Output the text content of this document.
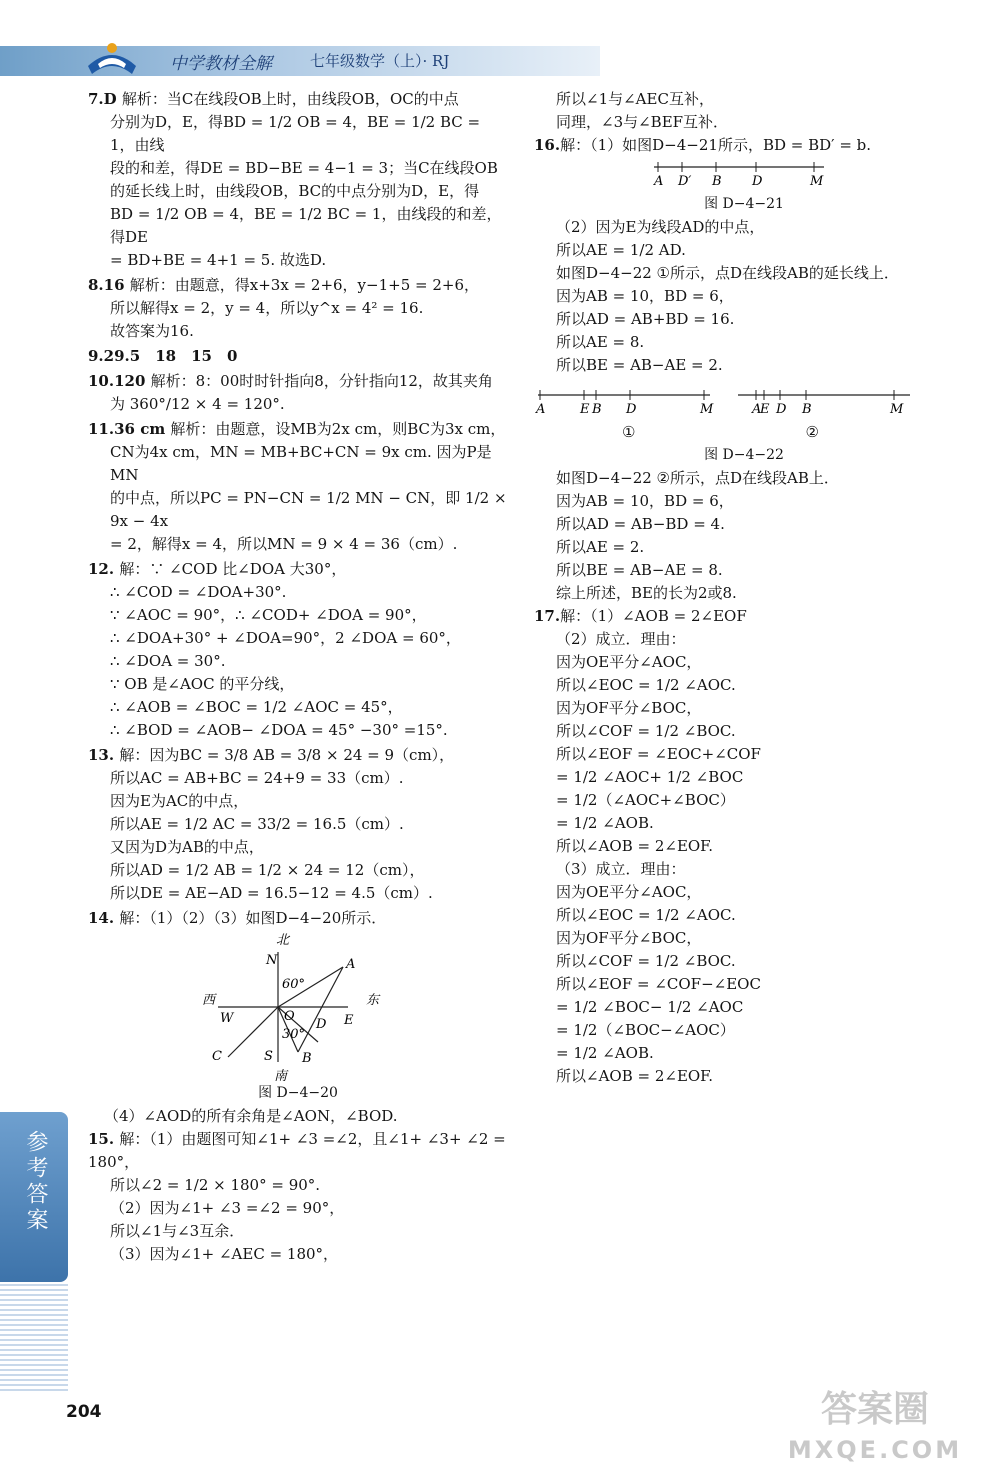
中学教材全解	七年级数学（上）· RJ
7.D 解析：当C在线段OB上时，由线段OB，OC的中点
分别为D，E，得BD = 1/2 OB = 4，BE = 1/2 BC = 1，由线
段的和差，得DE = BD−BE = 4−1 = 3；当C在线段OB
的延长线上时，由线段OB，BC的中点分别为D，E，得
BD = 1/2 OB = 4，BE = 1/2 BC = 1，由线段的和差，得DE
= BD+BE = 4+1 = 5. 故选D.
8.16 解析：由题意，得x+3x = 2+6，y−1+5 = 2+6，
所以解得x = 2，y = 4，所以y^x = 4² = 16.
故答案为16.
9.29.5　18　15　0
10.120 解析：8：00时时针指向8，分针指向12，故其夹角
为 360°/12 × 4 = 120°.
11.36 cm 解析：由题意，设MB为2x cm，则BC为3x cm，
CN为4x cm，MN = MB+BC+CN = 9x cm. 因为P是MN
的中点，所以PC = PN−CN = 1/2 MN − CN，即 1/2 × 9x − 4x
= 2，解得x = 4，所以MN = 9 × 4 = 36（cm）.
12. 解：∵ ∠COD 比∠DOA 大30°，
∴ ∠COD = ∠DOA+30°.
∵ ∠AOC = 90°，∴ ∠COD+ ∠DOA = 90°，
∴ ∠DOA+30° + ∠DOA=90°，2 ∠DOA = 60°，
∴ ∠DOA = 30°.
∵ OB 是∠AOC 的平分线，
∴ ∠AOB = ∠BOC = 1/2 ∠AOC = 45°，
∴ ∠BOD = ∠AOB− ∠DOA = 45° −30° =15°.
13. 解：因为BC = 3/8 AB = 3/8 × 24 = 9（cm），
所以AC = AB+BC = 24+9 = 33（cm）.
因为E为AC的中点，
所以AE = 1/2 AC = 33/2 = 16.5（cm）.
又因为D为AB的中点，
所以AD = 1/2 AB = 1/2 × 24 = 12（cm），
所以DE = AE−AD = 16.5−12 = 4.5（cm）.
14. 解：（1）（2）（3）如图D−4−20所示．
北
N	A
西
W
60°
O
30°
D E
东
C	S B
南
图 D−4−20
（4）∠AOD的所有余角是∠AON，∠BOD.
15. 解：（1）由题图可知∠1+ ∠3 =∠2，且∠1+ ∠3+ ∠2 = 180°，
所以∠2 = 1/2 × 180° = 90°.
（2）因为∠1+ ∠3 =∠2 = 90°，
所以∠1与∠3互余．
（3）因为∠1+ ∠AEC = 180°，
所以∠1与∠AEC互补，
同理，∠3与∠BEF互补．
16.解：（1）如图D−4−21所示，BD = BD′ = b.
A D′ B D	M
图 D−4−21
（2）因为E为线段AD的中点，
所以AE = 1/2 AD.
如图D−4−22 ①所示，点D在线段AB的延长线上．
因为AB = 10，BD = 6，
所以AD = AB+BD = 16.
所以AE = 8.
所以BE = AB−AE = 2.
A	E B D	M	E
A D B	M
①	②
图 D−4−22
如图D−4−22 ②所示，点D在线段AB上．
因为AB = 10，BD = 6，
所以AD = AB−BD = 4.
所以AE = 2.
所以BE = AB−AE = 8.
综上所述，BE的长为2或8.
17.解：（1）∠AOB = 2∠EOF
（2）成立．理由：
因为OE平分∠AOC，
所以∠EOC = 1/2 ∠AOC.
因为OF平分∠BOC，
所以∠COF = 1/2 ∠BOC.
所以∠EOF = ∠EOC+∠COF
= 1/2 ∠AOC+ 1/2 ∠BOC
= 1/2（∠AOC+∠BOC）
= 1/2 ∠AOB.
所以∠AOB = 2∠EOF.
（3）成立．理由：
因为OE平分∠AOC，
所以∠EOC = 1/2 ∠AOC.
因为OF平分∠BOC，
所以∠COF = 1/2 ∠BOC.
所以∠EOF = ∠COF−∠EOC
= 1/2 ∠BOC− 1/2 ∠AOC
= 1/2（∠BOC−∠AOC）
= 1/2 ∠AOB.
所以∠AOB = 2∠EOF.
参考答案
204	答案圈
MXQE.COM
